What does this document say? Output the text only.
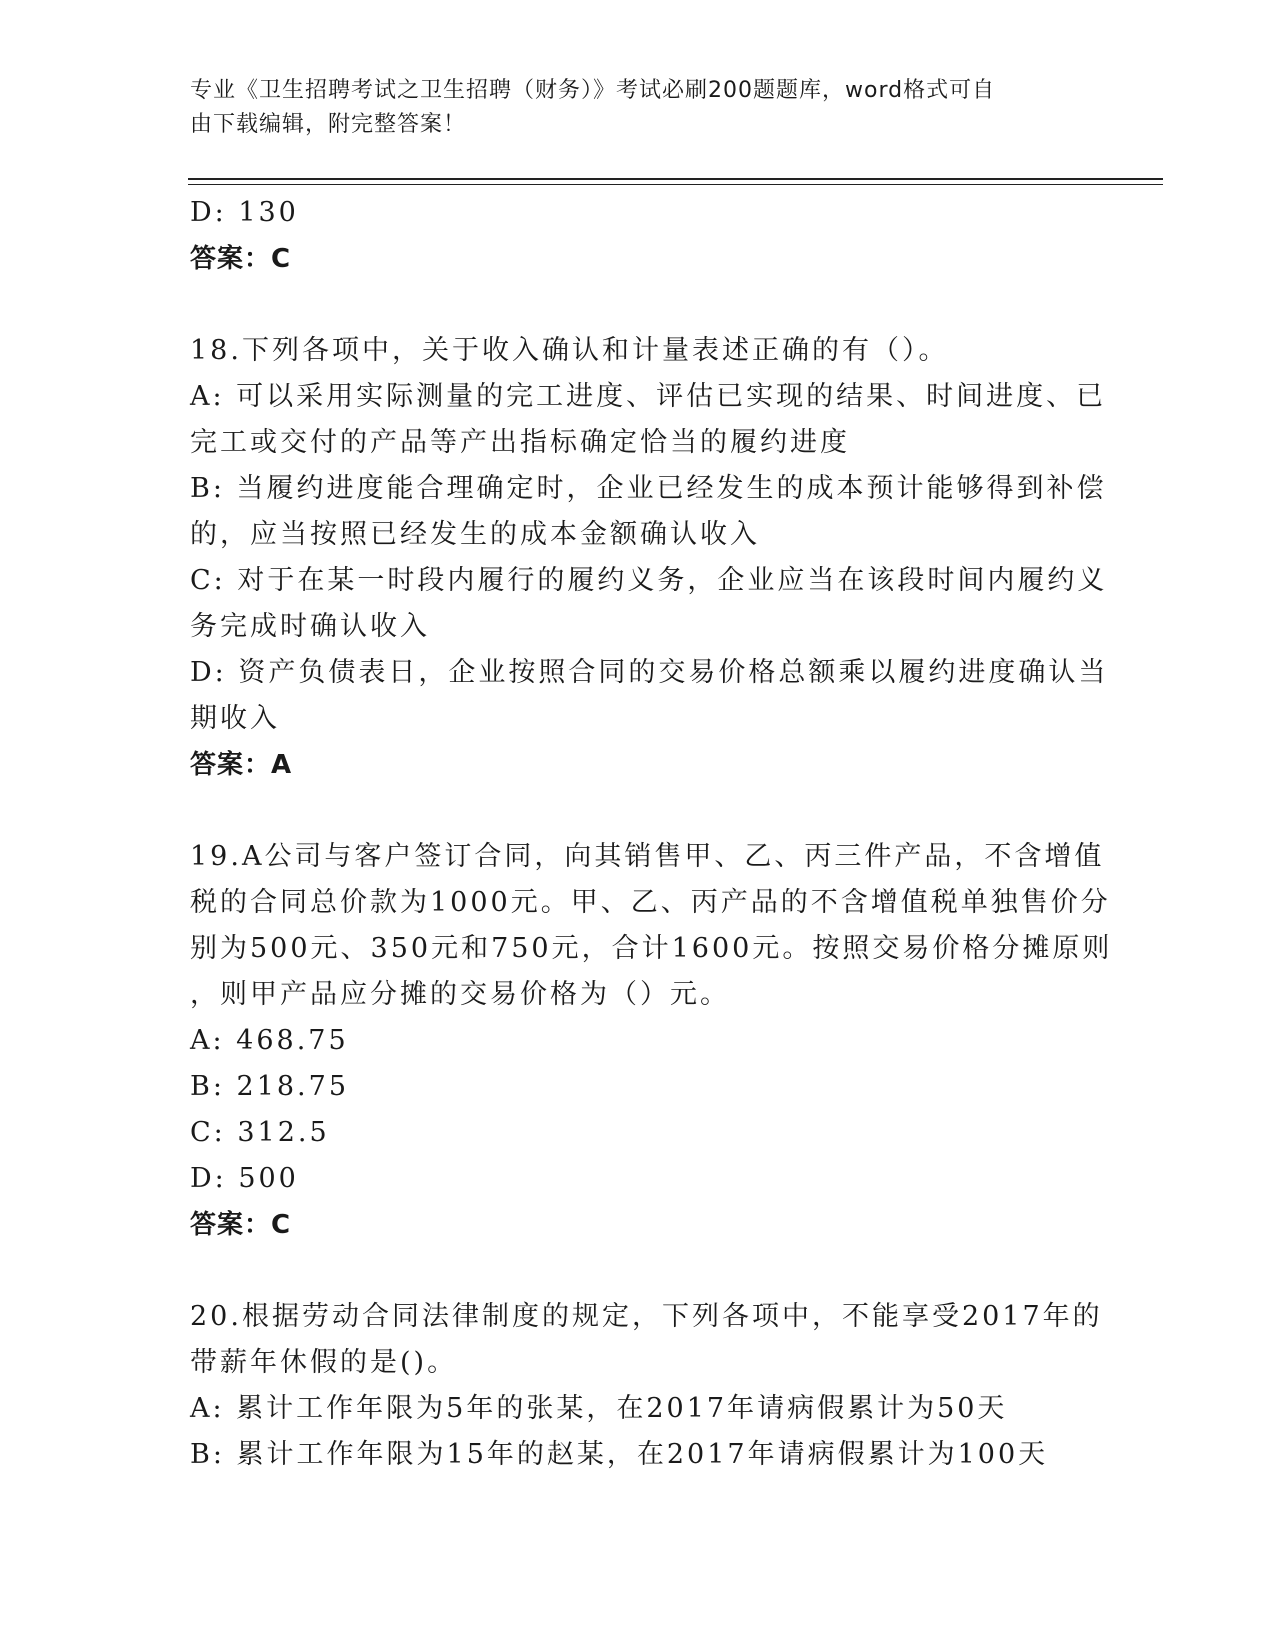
专业《卫生招聘考试之卫生招聘（财务）》考试必刷200题题库，word格式可自
由下载编辑，附完整答案！
D: 130
答案：C
18.下列各项中，关于收入确认和计量表述正确的有（）。
A: 可以采用实际测量的完工进度、评估已实现的结果、时间进度、已
完工或交付的产品等产出指标确定恰当的履约进度
B: 当履约进度能合理确定时，企业已经发生的成本预计能够得到补偿
的，应当按照已经发生的成本金额确认收入
C: 对于在某一时段内履行的履约义务，企业应当在该段时间内履约义
务完成时确认收入
D: 资产负债表日，企业按照合同的交易价格总额乘以履约进度确认当
期收入
答案：A
19.A公司与客户签订合同，向其销售甲、乙、丙三件产品，不含增值
税的合同总价款为1000元。甲、乙、丙产品的不含增值税单独售价分
别为500元、350元和750元，合计1600元。按照交易价格分摊原则
，则甲产品应分摊的交易价格为（）元。
A: 468.75
B: 218.75
C: 312.5
D: 500
答案：C
20.根据劳动合同法律制度的规定，下列各项中，不能享受2017年的
带薪年休假的是()。
A: 累计工作年限为5年的张某，在2017年请病假累计为50天
B: 累计工作年限为15年的赵某，在2017年请病假累计为100天
